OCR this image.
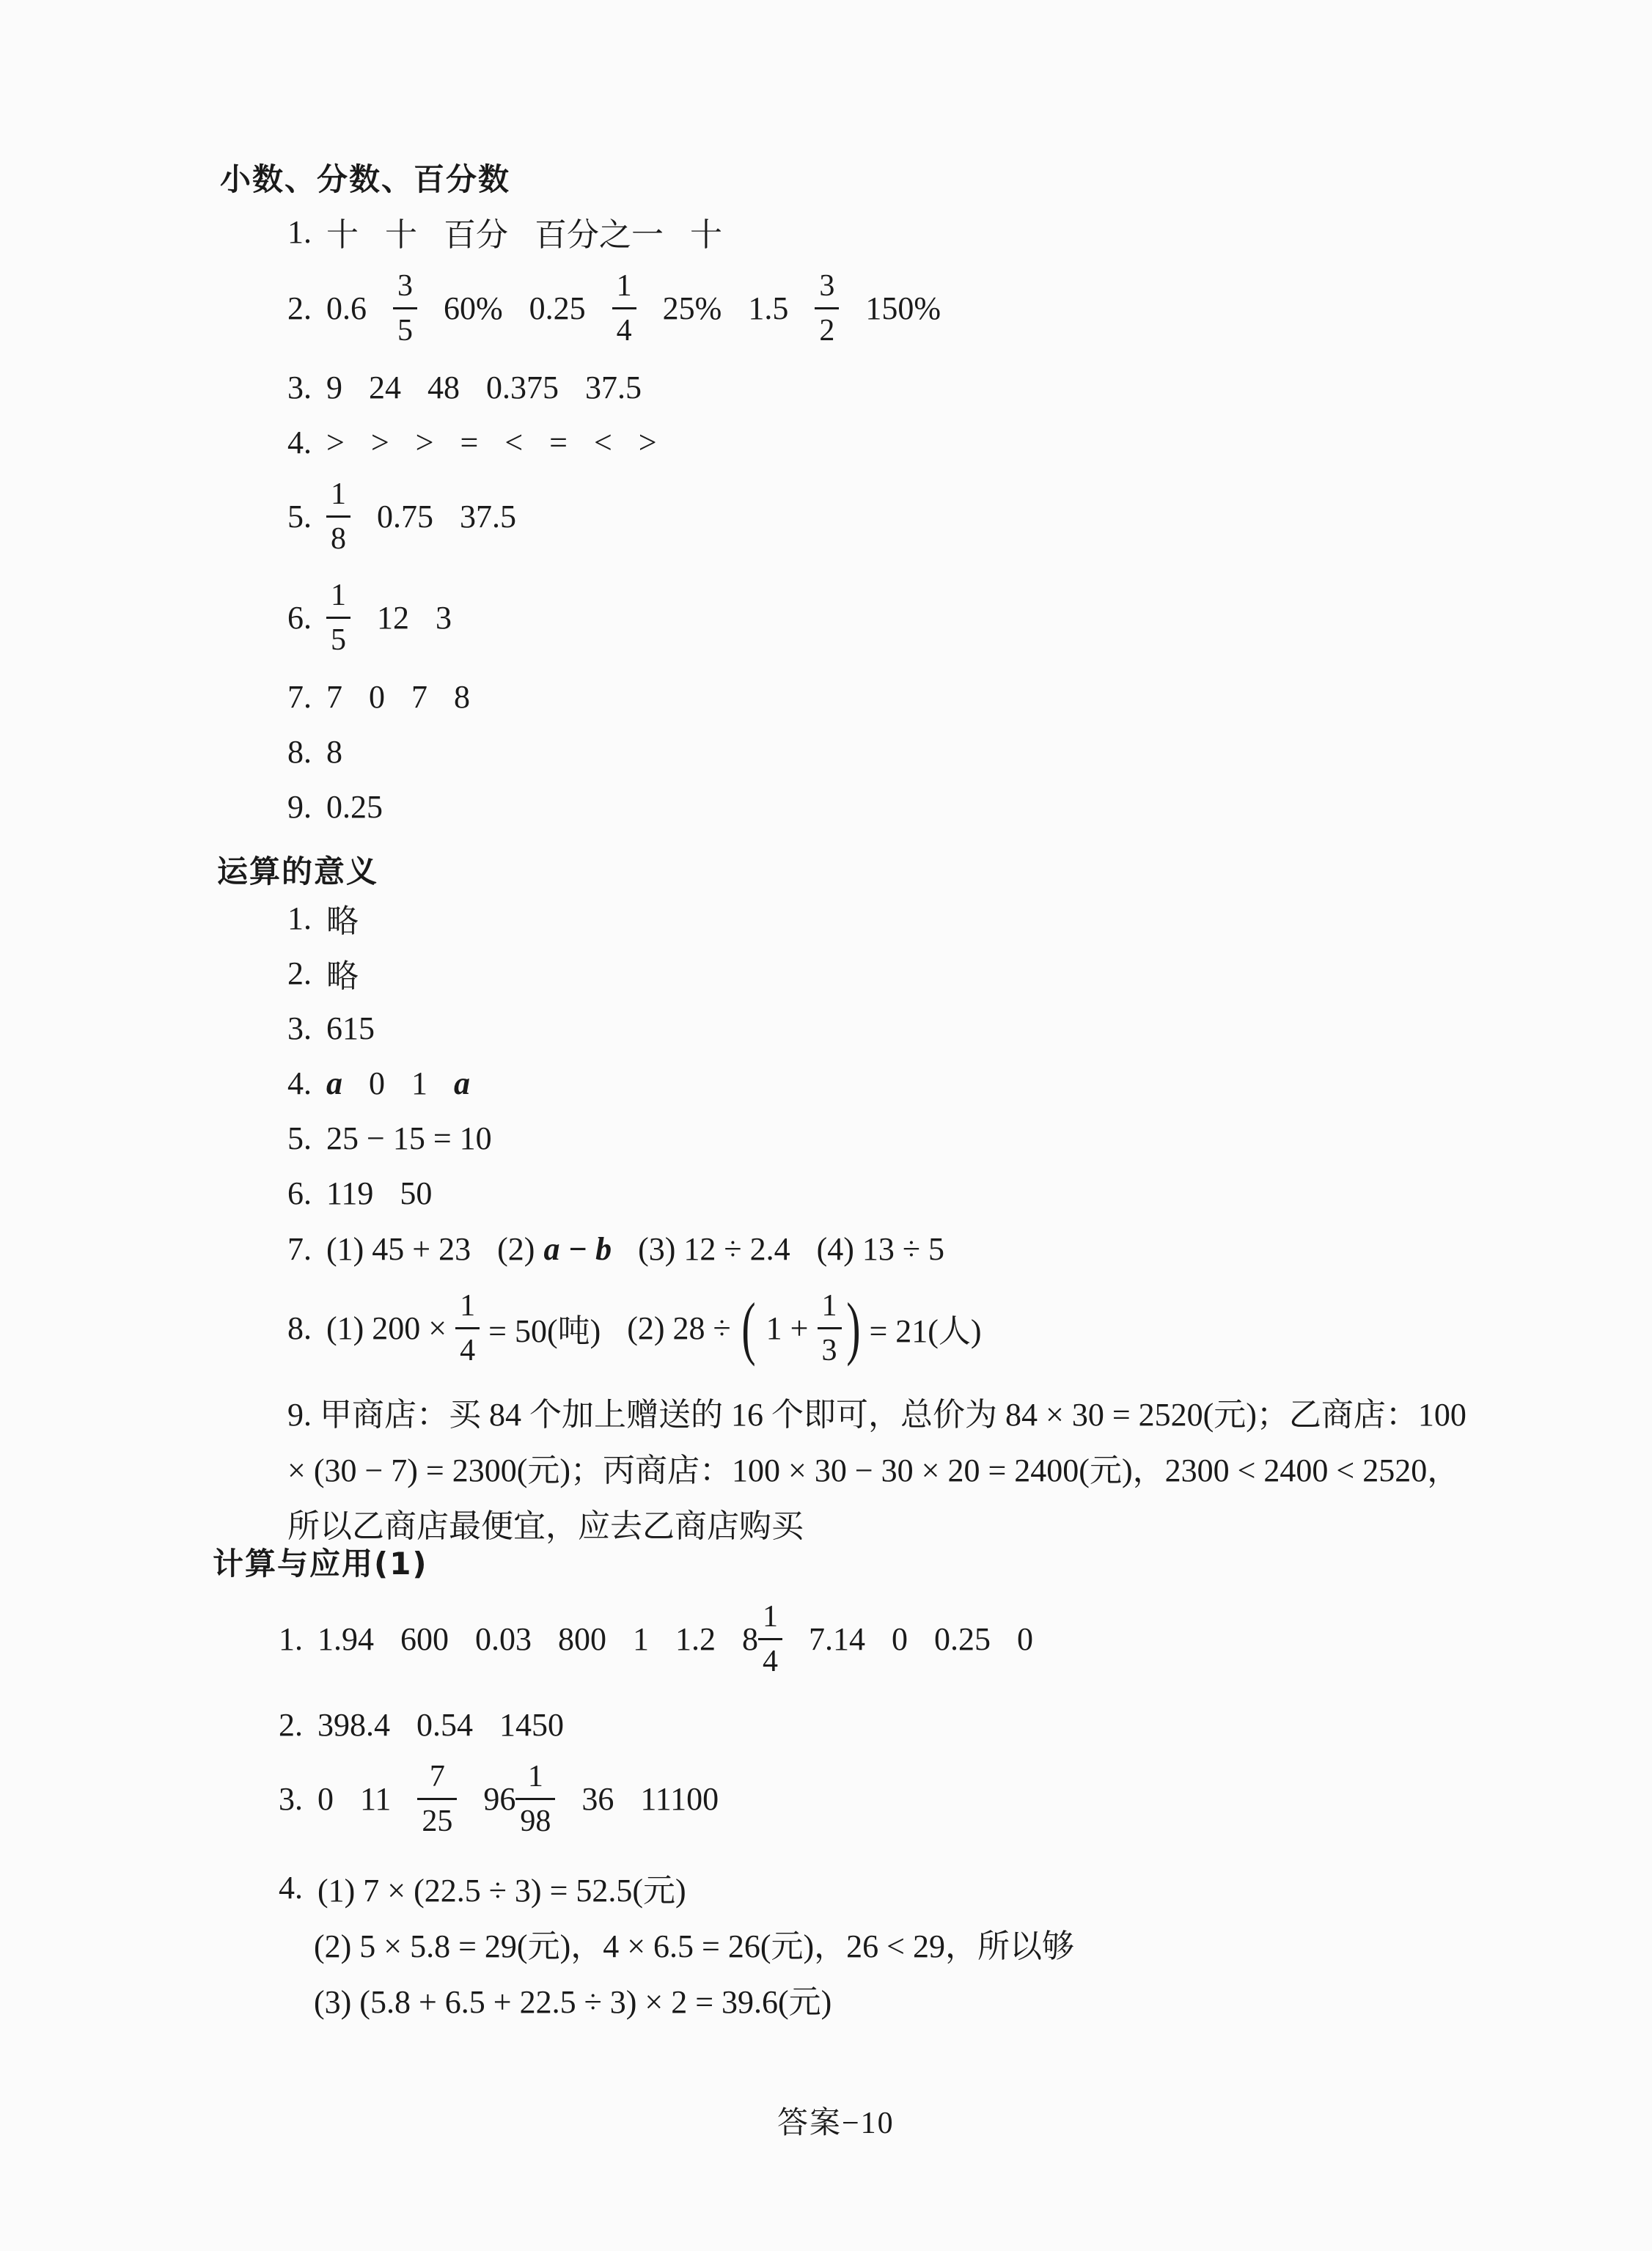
小数、分数、百分数
1. 十 十 百分 百分之一 十
2. $0.6 \frac{3}{5} 60\%$ $0.25 \frac{1}{4} 25\%$ $1.5 \frac{3}{2} 150\%$
3. 9 24 48 0.375 37.5
4. > > > = < = < >
5. $\frac{1}{8} 0.75$ 37.5
6. $\frac{1}{5} 12$ 3
7. 7 0 7 8
8. 8
9. 0.25
运算的意义
1. 略
2. 略
3. 615
4. a 0 1 a
5. 25 − 15 = 10
6. 119 50
7. (1) 45 + 23 (2) a − b (3) 12 ÷ 2.4 (4) 13 ÷ 5
8. (1) $200 \times \frac{1}{4} = 50$(吨) (2) 28 ÷ ( $1 + \frac{1}{3}$ ) = 21(人)
9. 甲商店：买 84 个加上赠送的 16 个即可，总价为 84 × 30 = 2520(元)；乙商店：100 × (30 − 7) = 2300(元)；丙商店：100 × 30 − 30 × 20 = 2400(元)，2300 < 2400 < 2520，所以乙商店最便宜，应去乙商店购买
计算与应用(1)
1. 1.94 600 0.03 800 1 1.2 $8 \frac{1}{4} 7.14$ 0 0.25 0
2. 398.4 0.54 1450
3. 0 $11 \frac{7}{25} 96 \frac{1}{98} 36$ 11100
4. (1) 7 × (22.5 ÷ 3) = 52.5(元)
(2) 5 × 5.8 = 29(元)，4 × 6.5 = 26(元)，26 < 29，所以够
(3) (5.8 + 6.5 + 22.5 ÷ 3) × 2 = 39.6(元)
答案−10
